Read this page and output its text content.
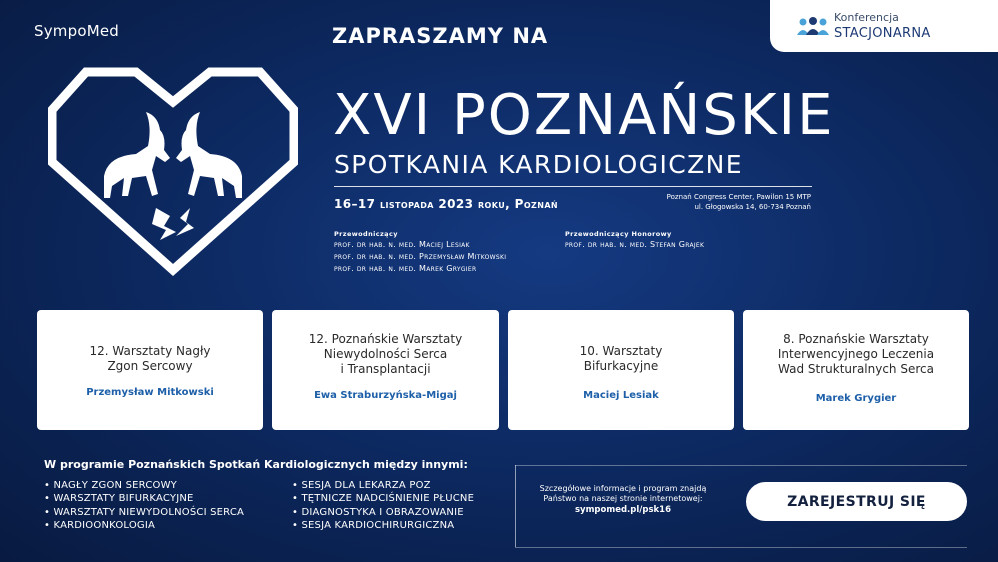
SympoMed	ZAPRASZAMY NA
Konferencja
STACJONARNA
XVI POZNAŃSKIE
SPOTKANIA KARDIOLOGICZNE
16–17 listopada 2023 roku, Poznań	Poznań Congress Center, Pawilon 15 MTP
ul. Głogowska 14, 60-734 Poznań
Przewodniczący
prof. dr hab. n. med. Maciej Lesiak
prof. dr hab. n. med. Przemysław Mitkowski
prof. dr hab. n. med. Marek Grygier
Przewodniczący Honorowy
prof. dr hab. n. med. Stefan Grajek
12. Warsztaty Nagły
Zgon Sercowy
Przemysław Mitkowski
12. Poznańskie Warsztaty
Niewydolności Serca
i Transplantacji
Ewa Straburzyńska-Migaj
10. Warsztaty
Bifurkacyjne
Maciej Lesiak
8. Poznańskie Warsztaty
Interwencyjnego Leczenia
Wad Strukturalnych Serca
Marek Grygier
W programie Poznańskich Spotkań Kardiologicznych między innymi:
• NAGŁY ZGON SERCOWY
• WARSZTATY BIFURKACYJNE
• WARSZTATY NIEWYDOLNOŚCI SERCA
• KARDIOONKOLOGIA
• SESJA DLA LEKARZA POZ
• TĘTNICZE NADCIŚNIENIE PŁUCNE
• DIAGNOSTYKA I OBRAZOWANIE
• SESJA KARDIOCHIRURGICZNA
Szczegółowe informacje i program znajdą
Państwo na naszej stronie internetowej:
sympomed.pl/psk16
ZAREJESTRUJ SIĘ
